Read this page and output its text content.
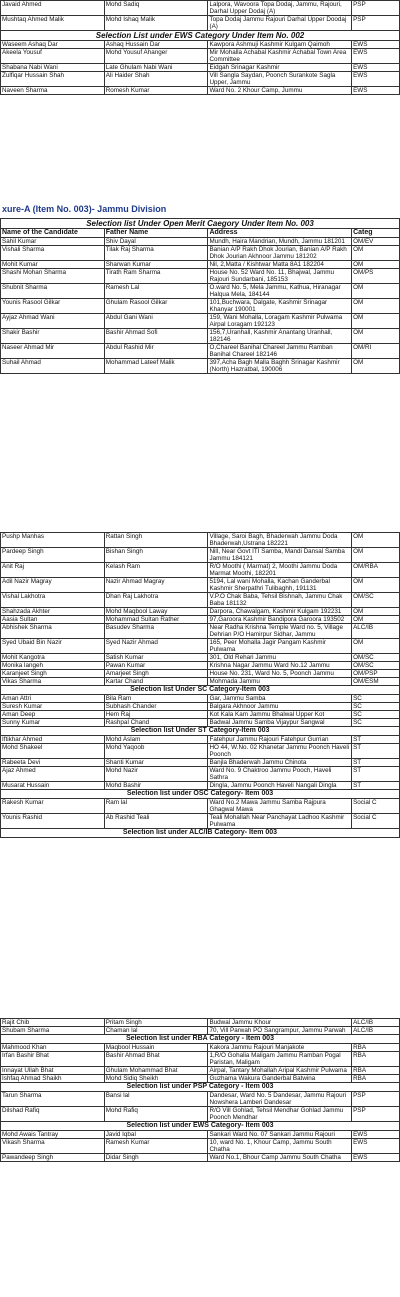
Javaid Ahmed	Mohd Sadiq	Lalpora, Wavoora Topa Dodaj, Jammu, Rajouri, Darhal Upper Dodaj (A)	PSP
Mushtaq Ahmed Malik	Mohd Ishaq Malik	Topa Dodaj Jammu Rajouri Darhal Upper Doodaj (A)	PSP
Selection List under EWS Category Under Item No. 002			
Waseem Ashaq Dar	Ashaq Hussain Dar	Kawpora Ashmuji Kashmir Kulgam Qaimoh	EWS
Akeela Yousuf	Mohd Yousuf Ahanger	Mir Mohalla Achabal Kashmir Achabal Town Area Committee	EWS
Shabana Nabi Wani	Late Ghulam Nabi Wani	Eidgah Srinagar Kashmir	EWS
Zulfiqar Hussain Shah	Ali Haider Shah	Vill Sangla Saydan, Poonch Surankote Sagla Upper, Jammu	EWS
Naveen Sharma	Romesh Kumar	Ward No. 2 Khour Camp, Jummu	EWS
xure-A (Item No. 003)- Jammu Division
Selection list Under Open Merit Caegory Under Item No. 003			
Name of the Candidate	Father Name	Address	Categ
Sahil Kumar	Shiv Dayal	Mundh, Haira Mandrian, Mundh, Jammu 181201	OM/EV
Vishali Sharma	Tilak Raj Sharma	Banian A/P Rakh Dhok Jourian, Banian A/P Rakh Dhok Jourian Akhnoor Jammu 181202	OM
Mohit Kumar	Sharwan Kumar	Nil, 2,Matta / Kishtwar Matta 8A1 182204	OM
Shashi Mohan Sharma	Tirath Ram Sharma	House No. 52 Ward No. 11, Bhajwal, Jammu Rajouri Sundarbani, 185153	OM/PS
Shubnit Sharma	Ramesh Lal	O.ward No. 5, Mela Jammu, Kathua, Hiranagar Halqua Mela, 184144	OM
Younis Rasool Gilkar	Ghulam Rasool Gilkar	101,Buchwara, Dalgate, Kashmir Srinagar Khanyar 190001	OM
Ayjaz Ahmad Wani	Abdul Gani Wani	159, Wani Mohalla, Loragam Kashmir Pulwama Airpal Loragam 192123	OM
Shakir Bashir	Bashir Ahmad Sofi	156,7,Uranhall, Kashmir Anantang Uranhall, 182146	OM
Naseer Ahmad Mir	Abdul Rashid Mir	O,Chareel Banihal Chareel Jammu Ramban Banihal Chareel 182146	OM/RI
Suhail Ahmad	Mohammad Lateef Malik	397,Acha Bagh Malla Baghh Srinagar Kashmir (North) Hazratbal, 190006	OM
Pushp Manhas	Rattan Singh	Village, Saroi Bagh, Bhaderwah Jammu Doda Bhaderwah,Ustrana 182221	OM
Pardeep Singh	Bishan Singh	Nill, Near Govt ITI Samba, Mandi Dansal Samba Jammu 184121	OM
Anit Raj	Kelash Ram	R/O Moothi ( Marmat) 2, Moothi Jammu Doda Marmat Moothi, 182201	OM/RBA
Adil Nazir Magray	Nazir Ahmad Magray	5194, Lal wani Mohalla, Kachan Ganderbal Kashmir Sherpathri Tulibaghh, 191131	OM
Vishal Lakhotra	Dhan Raj Lakhotra	V.P.O Chak Baba, Tehsil Bishnah, Jammu Chak Baba 181132	OM/SC
Shahzada Akhter	Mohd Maqbool Laway	Darpora, Chawalgam, Kashmir Kulgam 192231	OM
Aasia Sultan	Mohammad Sultan Rather	97,Garoora Kashmir Bandipora Garoora 193502	OM
Abhishek Sharma	Basudev Sharma	Near Radha Krishna Temple Ward no. 5, Village Dehrian P/O Hamirpur Sidhar, Jammu	ALC/IB
Syed Ubaid Bin Nazir	Syed Nazir Ahmad	165, Peer Mohalla Jagir Pangam Kashmir Pulwama	OM
Mohit Kangotra	Satish Kumar	301, Old Rehari Jammu	OM/SC
Monika langeh	Pawan Kumar	Krishna Nagar Jammu Ward No.12 Jammu	OM/SC
Karanjeet Singh	Amarjeet Singh	House No. 231, Ward No. 5, Poonch Jammu	OM/PSP
Vikas Sharma	Kartar Chand	Mohmada Jammu	OM/ESM
Selection list Under SC Category-Item 003			
Aman Attri	Bila Ram	Gar, Jammu Samba	SC
Suresh Kumar	Subhash Chander	Balgara Akhnoor Jammu	SC
Aman Deep	Hem Raj	Kot Kala Kam Jammu Bhalwal Upper Kot	SC
Sunny Kumar	Rashpal Chand	Badwal Jammu Samba Vijaypur Sangwal	SC
Selection list Under ST Category-Item 003			
Iftikhar Ahmed	Mohd Aslam	Fatehpur Jammu Rajouri Fatehpur Gurrian	ST
Mohd Shakeel	Mohd Yaqoob	HO 44, W.No. 02 Khanetar Jammu Poonch Haveli Poonch	ST
Rabeeta Devi	Shanti Kumar	Banjla Bhaderwah Jammu Chinota	ST
Ajaz Ahmed	Mohd Nazir	Ward No. 9 Chaktroo Jammu Pooch, Haveli Sathra	ST
Musarat Hussain	Mohd Bashir	Dingla, Jammu Poonch Haveli Nangali Dingla	ST
Selection list under OSC Category- Item 003			
Rakesh Kumar	Ram lal	Ward No.2 Mawa Jammu Samba Rajpura Ghagwal Mawa	Social C
Younis Rashid	Ab Rashid Teali	Teali Mohallah Near Panchayat Ladhoo Kashmir Pulwama	Social C
Selection list under ALC/IB Category- Item 003			
Rajit Chib	Pritam Singh	Budwal Jammu Khour	ALC/IB
Shubam Sharma	Chaman lal	70, Vill Parwah PO Sangrampur, Jammu Parwah	ALC/IB
Selection list under RBA Category - Item 003			
Mahmood Khan	Maqbool Hussain	Kakora Jammu Rajouri Manjakote	RBA
Irfan Bashir Bhat	Bashir Ahmad Bhat	1,R/O Gohalia Maligam Jammu Ramban Pogal Paristan, Maligam	RBA
Innayat Ullah Bhat	Ghulam Mohammad Bhat	Airpal, Tantary Mohallah Aripal Kashmir Pulwama	RBA
Ishfaq Ahmad Shaikh	Mohd Sidiq Sheikh	Guzhama Wakura Ganderbal Batwina	RBA
Selection list under PSP Category - Item 003			
Tarun Sharma	Bansi lal	Dandesar, Ward No. 5 Dandesar, Jammu Rajouri Nowshera Lamberi Dandesar	PSP
Dilshad Rafiq	Mohd Rafiq	R/O Vill Gohlad, Tehsil Mendhar Gohlad Jammu Poonch Mendhar	PSP
Selection list under EWS Category- Item 003			
Mohd Awais Tantray	Javid Iqbal	Sankari Ward No. 07 Sankari Jammu Rajouri	EWS
Vikash Sharma	Ramesh Kumar	10, ward No. 1, Khour Camp, Jammu South Chatha	EWS
Pawandeep Singh	Didar Singh	Ward No.1, Bhour Camp Jammu South Chatha	EWS
